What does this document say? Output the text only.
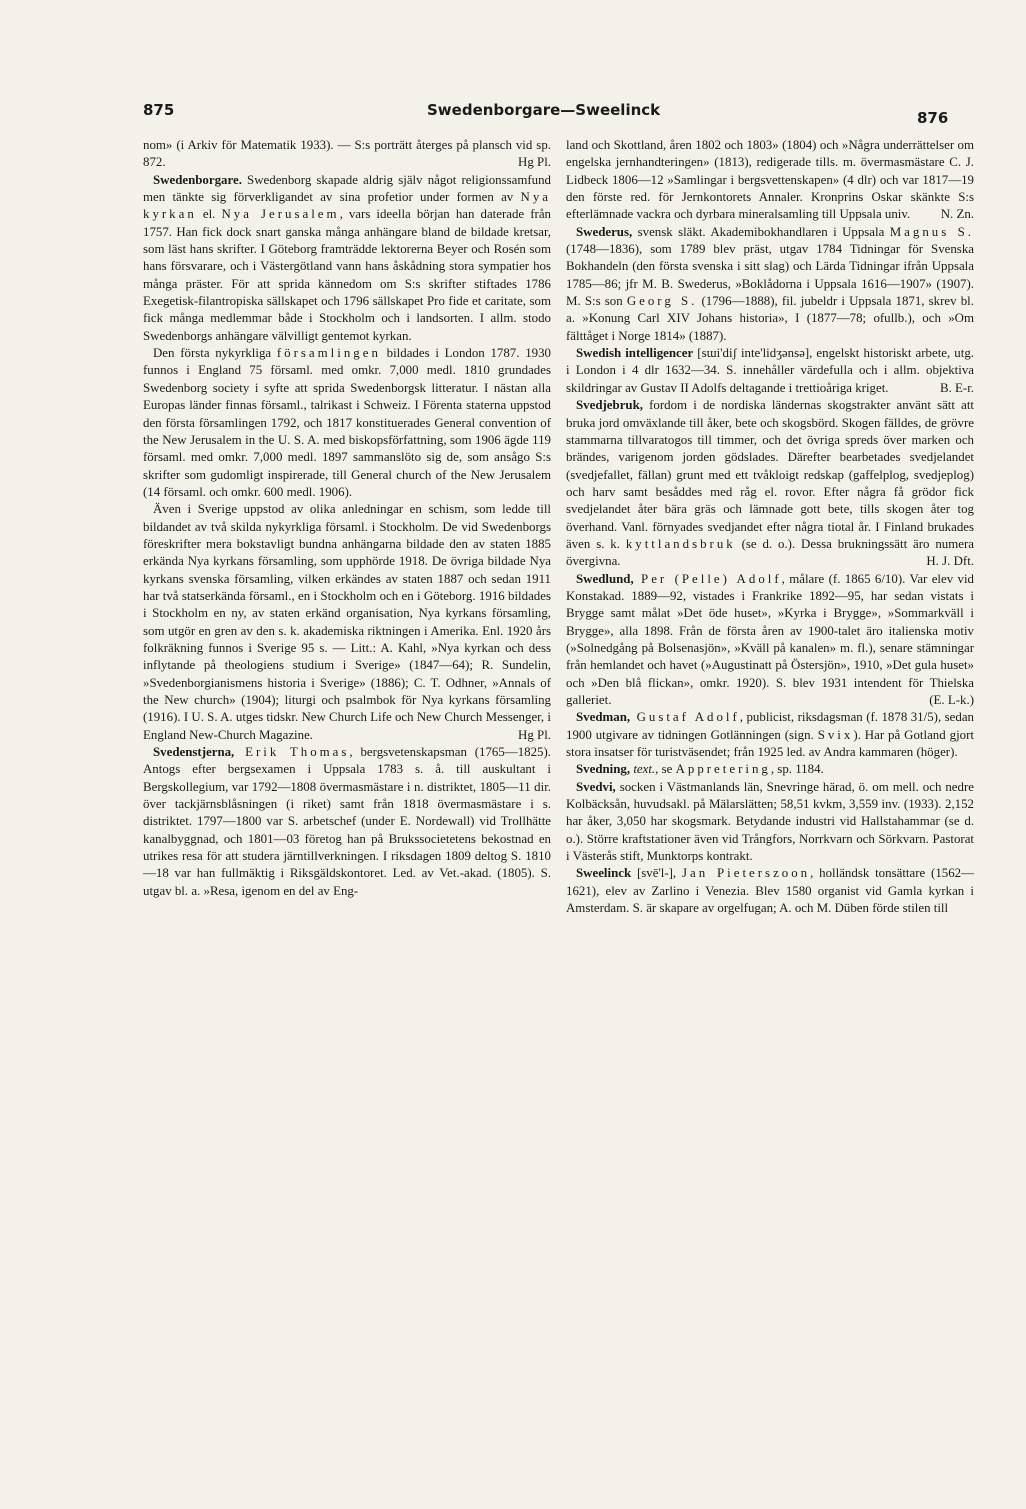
875	Swedenborgare—Sweelinck	876

nom» (i Arkiv för Matematik 1933). — S:s porträtt återges på plansch vid sp. 872.	Hg Pl.

Swedenborgare. Swedenborg skapade aldrig själv något religionssamfund men tänkte sig förverkligandet av sina profetior under formen av Nya kyrkan el. Nya Jerusalem, vars ideella början han daterade från 1757. Han fick dock snart ganska många anhängare bland de bildade kretsar, som läst hans skrifter. I Göteborg framträdde lektorerna Beyer och Rosén som hans försvarare, och i Västergötland vann hans åskådning stora sympatier hos många präster. För att sprida kännedom om S:s skrifter stiftades 1786 Exegetisk-filantropiska sällskapet och 1796 sällskapet Pro fide et caritate, som fick många medlemmar både i Stockholm och i landsorten. I allm. stodo Swedenborgs anhängare välvilligt gentemot kyrkan.

Den första nykyrkliga församlingen bildades i London 1787. 1930 funnos i England 75 församl. med omkr. 7,000 medl. 1810 grundades Swedenborg society i syfte att sprida Swedenborgsk litteratur. I nästan alla Europas länder finnas församl., talrikast i Schweiz. I Förenta staterna uppstod den första församlingen 1792, och 1817 konstituerades General convention of the New Jerusalem in the U. S. A. med biskopsförfattning, som 1906 ägde 119 församl. med omkr. 7,000 medl. 1897 sammanslöto sig de, som ansågo S:s skrifter som gudomligt inspirerade, till General church of the New Jerusalem (14 församl. och omkr. 600 medl. 1906).

Även i Sverige uppstod av olika anledningar en schism, som ledde till bildandet av två skilda nykyrkliga församl. i Stockholm. De vid Swedenborgs föreskrifter mera bokstavligt bundna anhängarna bildade den av staten 1885 erkända Nya kyrkans församling, som upphörde 1918. De övriga bildade Nya kyrkans svenska församling, vilken erkändes av staten 1887 och sedan 1911 har två statserkända församl., en i Stockholm och en i Göteborg. 1916 bildades i Stockholm en ny, av staten erkänd organisation, Nya kyrkans församling, som utgör en gren av den s. k. akademiska riktningen i Amerika. Enl. 1920 års folkräkning funnos i Sverige 95 s. — Litt.: A. Kahl, »Nya kyrkan och dess inflytande på theologiens studium i Sverige» (1847—64); R. Sundelin, »Svedenborgianismens historia i Sverige» (1886); C. T. Odhner, »Annals of the New church» (1904); liturgi och psalmbok för Nya kyrkans församling (1916). I U. S. A. utges tidskr. New Church Life och New Church Messenger, i England New-Church Magazine.	Hg Pl.

Svedenstjerna, Erik Thomas, bergsvetenskapsman (1765—1825). Antogs efter bergsexamen i Uppsala 1783 s. å. till auskultant i Bergskollegium, var 1792—1808 övermasmästare i n. distriktet, 1805—11 dir. över tackjärnsblåsningen (i riket) samt från 1818 övermasmästare i s. distriktet. 1797—1800 var S. arbetschef (under E. Nordewall) vid Trollhätte kanalbyggnad, och 1801—03 företog han på Brukssocietetens bekostnad en utrikes resa för att studera järntillverkningen. I riksdagen 1809 deltog S. 1810—18 var han fullmäktig i Riksgäldskontoret. Led. av Vet.-akad. (1805). S. utgav bl. a. »Resa, igenom en del av Eng-

land och Skottland, åren 1802 och 1803» (1804) och »Några underrättelser om engelska jernhandteringen» (1813), redigerade tills. m. övermasmästare C. J. Lidbeck 1806—12 »Samlingar i bergsvettenskapen» (4 dlr) och var 1817—19 den förste red. för Jernkontorets Annaler. Kronprins Oskar skänkte S:s efterlämnade vackra och dyrbara mineralsamling till Uppsala univ. N. Zn.

Swederus, svensk släkt. Akademibokhandlaren i Uppsala Magnus S. (1748—1836), som 1789 blev präst, utgav 1784 Tidningar för Svenska Bokhandeln (den första svenska i sitt slag) och Lärda Tidningar ifrån Uppsala 1785—86; jfr M. B. Swederus, »Boklådorna i Uppsala 1616—1907» (1907). M. S:s son Georg S. (1796—1888), fil. jubeldr i Uppsala 1871, skrev bl. a. »Konung Carl XIV Johans historia», I (1877—78; ofullb.), och »Om fälttåget i Norge 1814» (1887).

Swedish intelligencer [sɯi'diʃ inte'lidʒənsə], engelskt historiskt arbete, utg. i London i 4 dlr 1632—34. S. innehåller värdefulla och i allm. objektiva skildringar av Gustav II Adolfs deltagande i trettioåriga kriget.	B. E-r.

Svedjebruk, fordom i de nordiska ländernas skogstrakter använt sätt att bruka jord omväxlande till åker, bete och skogsbörd. Skogen fälldes, de grövre stammarna tillvaratogos till timmer, och det övriga spreds över marken och brändes, varigenom jorden gödslades. Därefter bearbetades svedjelandet (svedjefallet, fällan) grunt med ett tvåkloigt redskap (gaffelplog, svedjeplog) och harv samt besåddes med råg el. rovor. Efter några få grödor fick svedjelandet åter bära gräs och lämnade gott bete, tills skogen åter tog överhand. Vanl. förnyades svedjandet efter några tiotal år. I Finland brukades även s. k. kyttlandsbruk (se d. o.). Dessa brukningssätt äro numera övergivna.	H. J. Dft.

Swedlund, Per (Pelle) Adolf, målare (f. 1865 6/10). Var elev vid Konstakad. 1889—92, vistades i Frankrike 1892—95, har sedan vistats i Brygge samt målat »Det öde huset», »Kyrka i Brygge», »Sommarkväll i Brygge», alla 1898. Från de första åren av 1900-talet äro italienska motiv (»Solnedgång på Bolsenasjön», »Kväll på kanalen» m. fl.), senare stämningar från hemlandet och havet (»Augustinatt på Östersjön», 1910, »Det gula huset» och »Den blå flickan», omkr. 1920). S. blev 1931 intendent för Thielska galleriet.	(E. L-k.)

Svedman, Gustaf Adolf, publicist, riksdagsman (f. 1878 31/5), sedan 1900 utgivare av tidningen Gotlänningen (sign. Svix). Har på Gotland gjort stora insatser för turistväsendet; från 1925 led. av Andra kammaren (höger).

Svedning, text., se Appretering, sp. 1184.

Svedvi, socken i Västmanlands län, Snevringe härad, ö. om mell. och nedre Kolbäcksån, huvudsakl. på Mälarslätten; 58,51 kvkm, 3,559 inv. (1933). 2,152 har åker, 3,050 har skogsmark. Betydande industri vid Hallstahammar (se d. o.). Större kraftstationer även vid Trångfors, Norrkvarn och Sörkvarn. Pastorat i Västerås stift, Munktorps kontrakt.

Sweelinck [svē'l-], Jan Pieterszoon, holländsk tonsättare (1562—1621), elev av Zarlino i Venezia. Blev 1580 organist vid Gamla kyrkan i Amsterdam. S. är skapare av orgelfugan; A. och M. Düben förde stilen till
